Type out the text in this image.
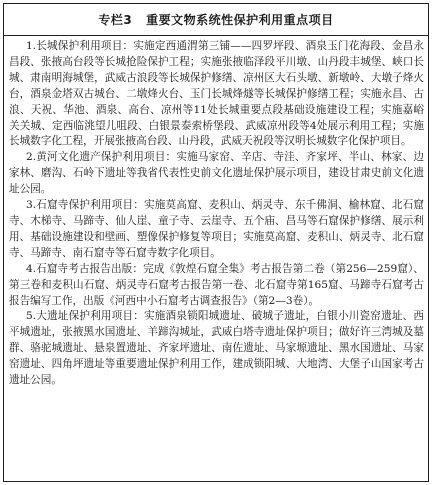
专栏3 重要文物系统性保护利用重点项目

1.长城保护利用项目：实施定西通渭第三铺——四罗坪段、酒泉玉门花海段、金昌永昌段、张掖高台段等长城抢险保护工程；实施张掖临泽段平川墩、山丹段丰城堡、峡口长城、肃南明海城堡，武威古浪段等长城保护修缮、凉州区大石头墩、新墩岭、大墩子烽火台，酒泉金塔双古城台、二墩烽火台、玉门长城烽燧等长城保护修缮工程；实施永昌、古浪、天祝、华池、酒泉、高台、凉州等11处长城重要点段基础设施建设工程；实施嘉峪关关城、定西临洮望儿咀段、白银景泰索桥堡段、武威凉州段等4处展示利用工程；实施长城数字化工程，开展张掖高台段、山丹段，武威天祝段等汉明长城数字化保护项目。

2.黄河文化遗产保护利用项目：实施马家窑、辛店、寺洼、齐家坪、半山、林家、边家林、磨沟、石岭下遗址等我省代表性史前文化遗址保护展示项目，建设甘肃史前文化遗址公园。

3.石窟寺保护利用项目：实施莫高窟、麦积山、炳灵寺、东千佛洞、榆林窟、北石窟寺、木梯寺、马蹄寺、仙人崖、童子寺、云崖寺、五个庙、昌马等石窟保护修缮、展示利用、基础设施建设和壁画、塑像保护修复等项目；实施莫高窟、麦积山、炳灵寺、北石窟寺、马蹄寺、南石窟寺等石窟寺数字化项目。

4.石窟寺考古报告出版：完成《敦煌石窟全集》考古报告第二卷（第256—259窟）、第三卷和麦积山石窟、炳灵寺石窟考古报告第一卷、北石窟寺第165窟、马蹄寺石窟考古报告编写工作，出版《河西中小石窟考古调查报告》（第2—3卷）。

5.大遗址保护利用项目：实施酒泉锁阳城遗址、破城子遗址，白银小川瓷窑遗址、西平城遗址，张掖黑水国遗址、羊蹄沟城址，武威白塔寺遗址保护项目；做好许三湾城及墓群、骆驼城遗址、悬泉置遗址、齐家坪遗址、南佐遗址、马家塬遗址、黑水国遗址、马家窑遗址、四角坪遗址等重要遗址保护利用工作，建成锁阳城、大地湾、大堡子山国家考古遗址公园。
